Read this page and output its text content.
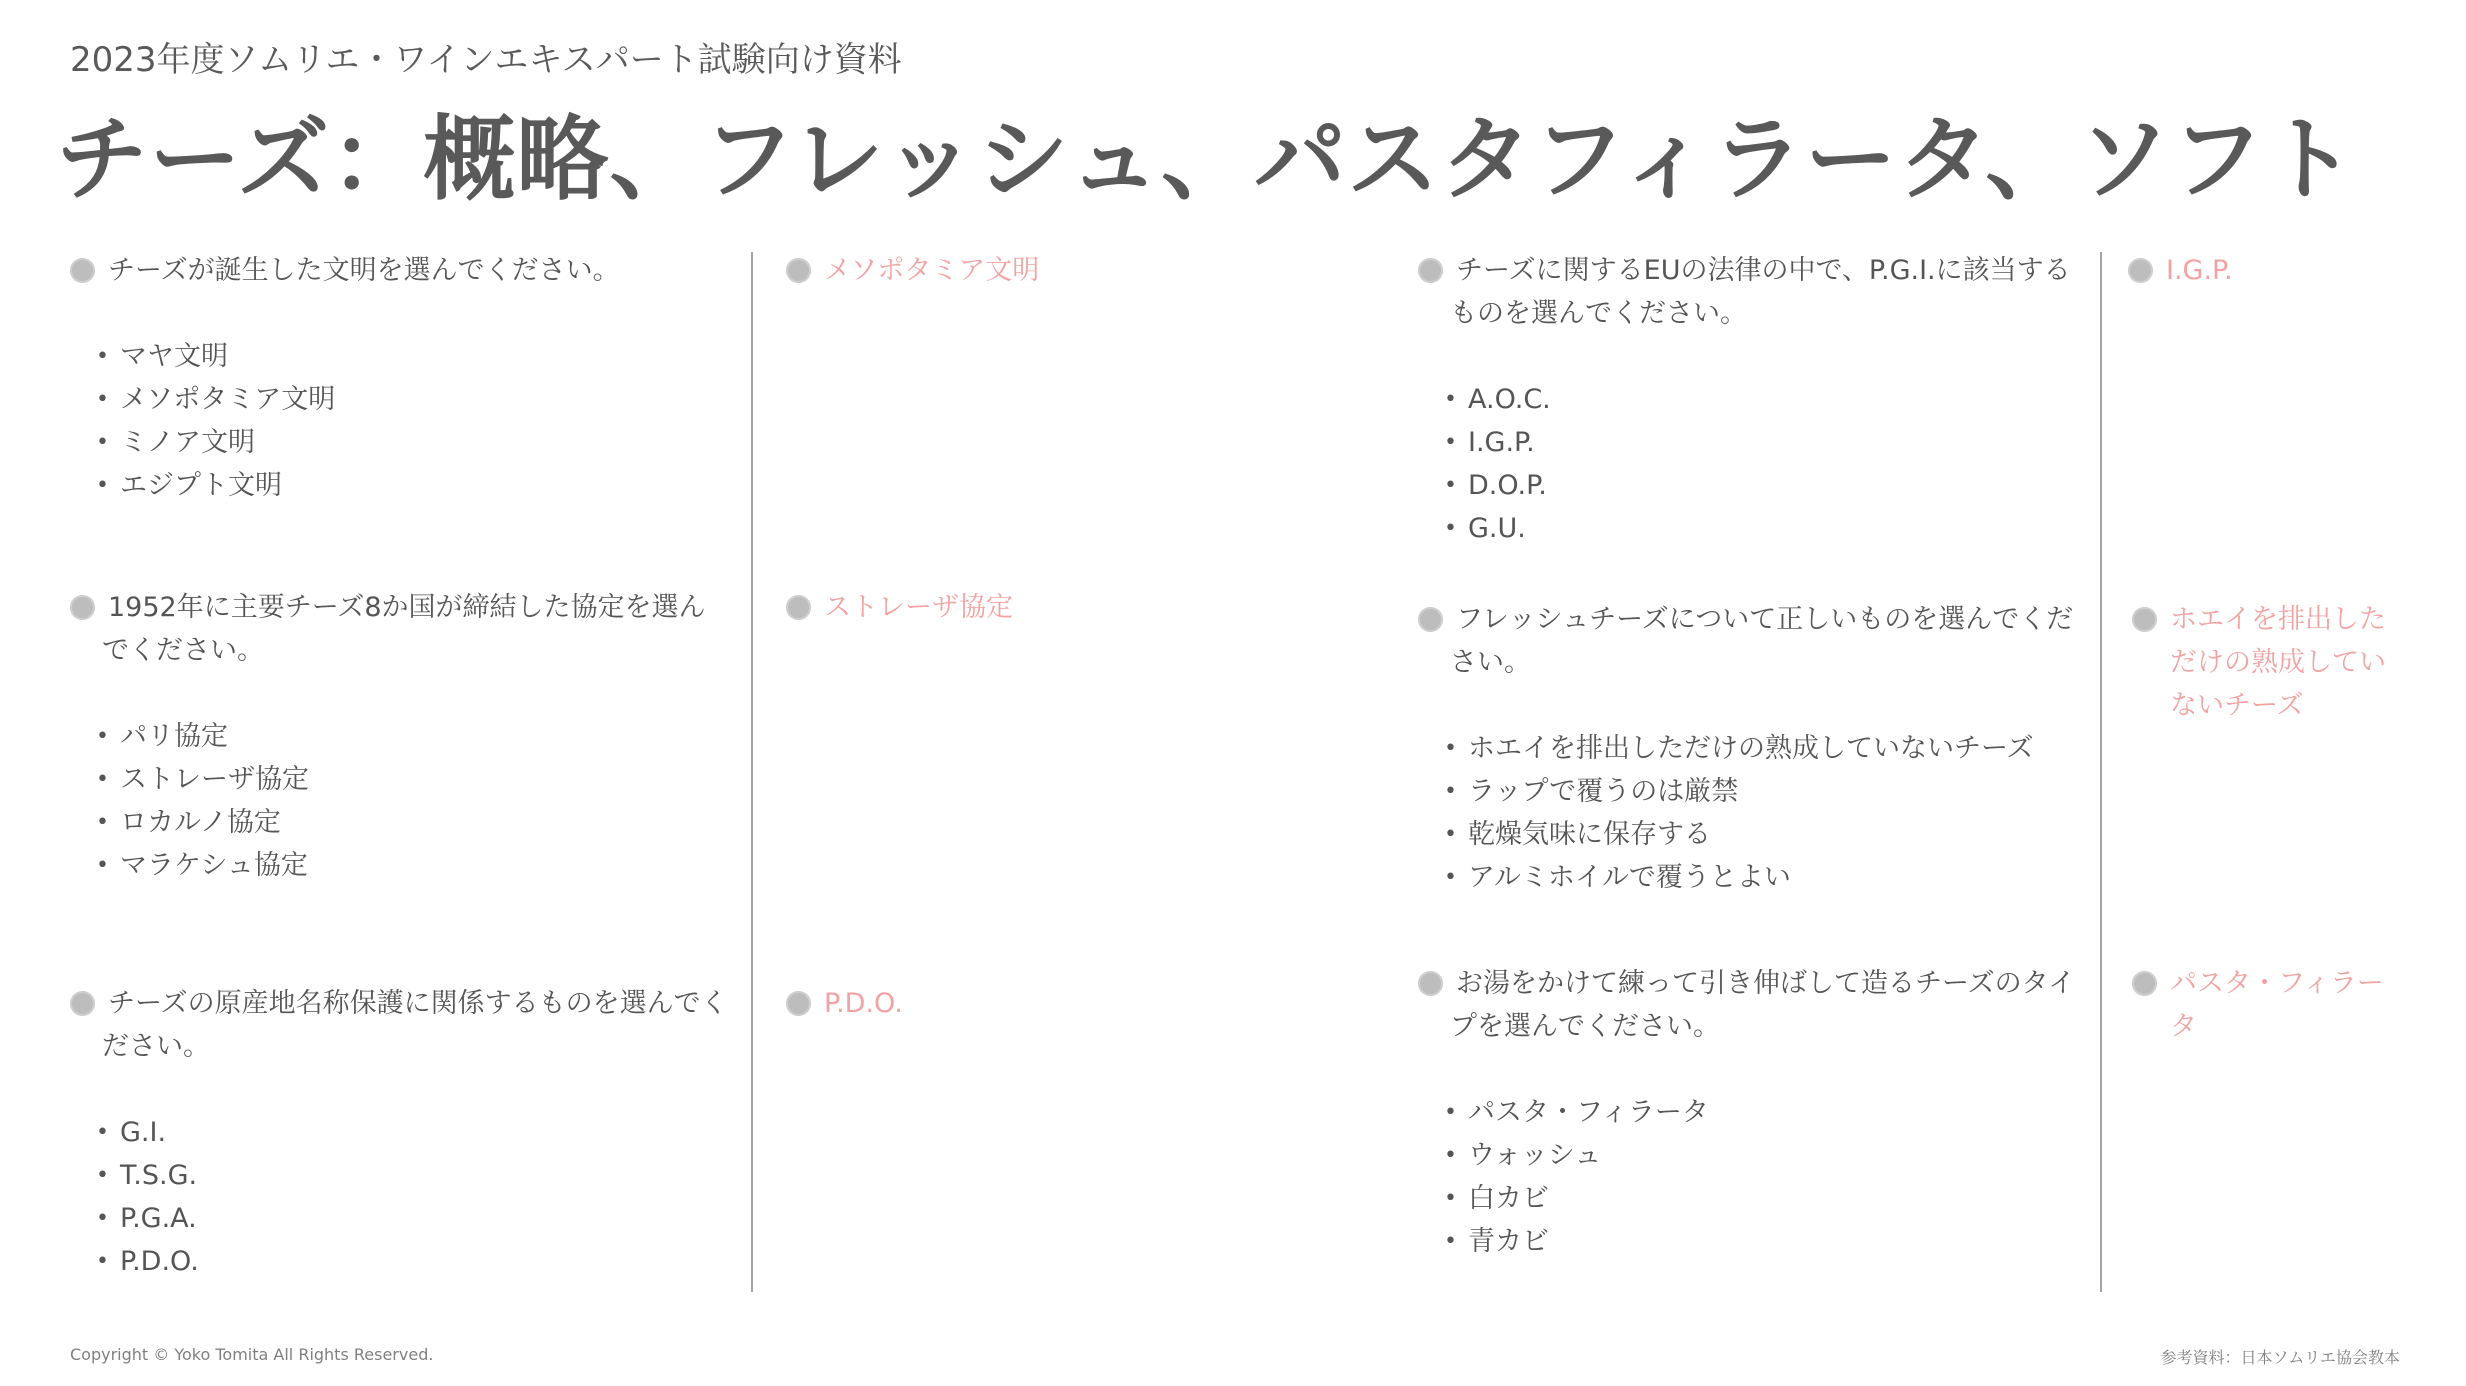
2023年度ソムリエ・ワインエキスパート試験向け資料
チーズ：概略、フレッシュ、パスタフィラータ、ソフト
チーズが誕生した文明を選んでください。
• マヤ文明
• メソポタミア文明
• ミノア文明
• エジプト文明
メソポタミア文明
1952年に主要チーズ8か国が締結した協定を選んでください。
• パリ協定
• ストレーザ協定
• ロカルノ協定
• マラケシュ協定
ストレーザ協定
チーズの原産地名称保護に関係するものを選んでください。
• G.I.
• T.S.G.
• P.G.A.
• P.D.O.
P.D.O.
チーズに関するEUの法律の中で、P.G.I.に該当するものを選んでください。
• A.O.C.
• I.G.P.
• D.O.P.
• G.U.
I.G.P.
フレッシュチーズについて正しいものを選んでください。
• ホエイを排出しただけの熟成していないチーズ
• ラップで覆うのは厳禁
• 乾燥気味に保存する
• アルミホイルで覆うとよい
ホエイを排出しただけの熟成していないチーズ
お湯をかけて練って引き伸ばして造るチーズのタイプを選んでください。
• パスタ・フィラータ
• ウォッシュ
• 白カビ
• 青カビ
パスタ・フィラータ
Copyright © Yoko Tomita All Rights Reserved.	参考資料：日本ソムリエ協会教本
